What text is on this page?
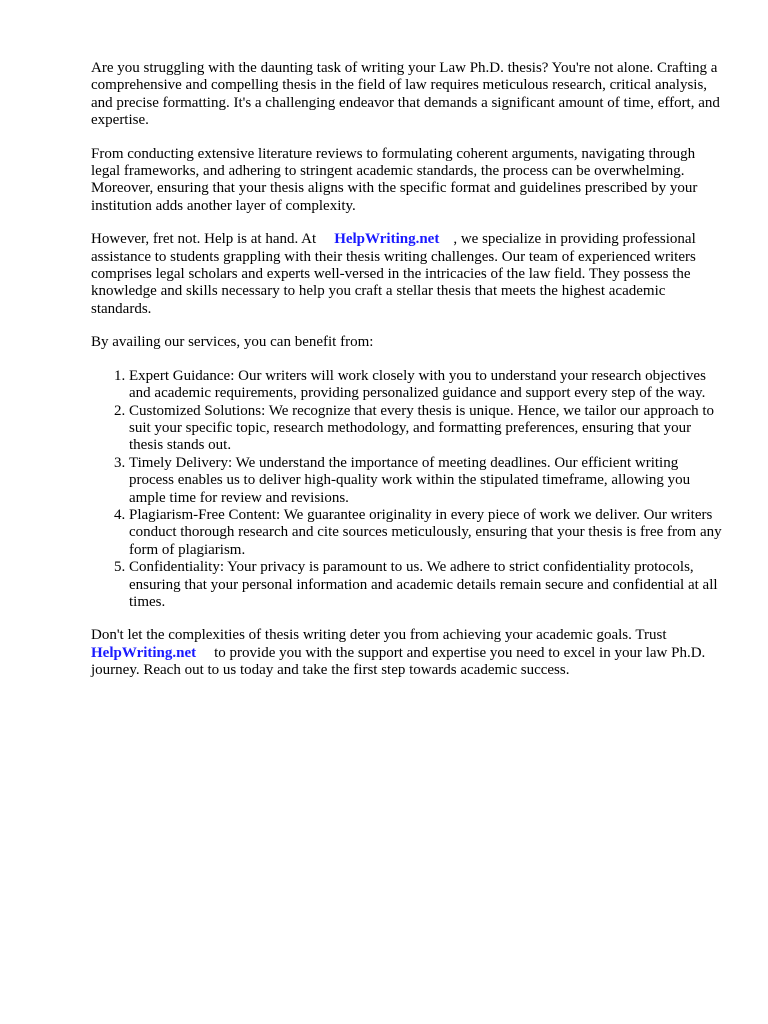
Are you struggling with the daunting task of writing your Law Ph.D. thesis? You're not alone. Crafting a comprehensive and compelling thesis in the field of law requires meticulous research, critical analysis, and precise formatting. It's a challenging endeavor that demands a significant amount of time, effort, and expertise.

From conducting extensive literature reviews to formulating coherent arguments, navigating through legal frameworks, and adhering to stringent academic standards, the process can be overwhelming. Moreover, ensuring that your thesis aligns with the specific format and guidelines prescribed by your institution adds another layer of complexity.

However, fret not. Help is at hand. At HelpWriting.net , we specialize in providing professional assistance to students grappling with their thesis writing challenges. Our team of experienced writers comprises legal scholars and experts well-versed in the intricacies of the law field. They possess the knowledge and skills necessary to help you craft a stellar thesis that meets the highest academic standards.

By availing our services, you can benefit from:

1. Expert Guidance: Our writers will work closely with you to understand your research objectives and academic requirements, providing personalized guidance and support every step of the way.
2. Customized Solutions: We recognize that every thesis is unique. Hence, we tailor our approach to suit your specific topic, research methodology, and formatting preferences, ensuring that your thesis stands out.
3. Timely Delivery: We understand the importance of meeting deadlines. Our efficient writing process enables us to deliver high-quality work within the stipulated timeframe, allowing you ample time for review and revisions.
4. Plagiarism-Free Content: We guarantee originality in every piece of work we deliver. Our writers conduct thorough research and cite sources meticulously, ensuring that your thesis is free from any form of plagiarism.
5. Confidentiality: Your privacy is paramount to us. We adhere to strict confidentiality protocols, ensuring that your personal information and academic details remain secure and confidential at all times.

Don't let the complexities of thesis writing deter you from achieving your academic goals. Trust
HelpWriting.net to provide you with the support and expertise you need to excel in your law Ph.D. journey. Reach out to us today and take the first step towards academic success.
